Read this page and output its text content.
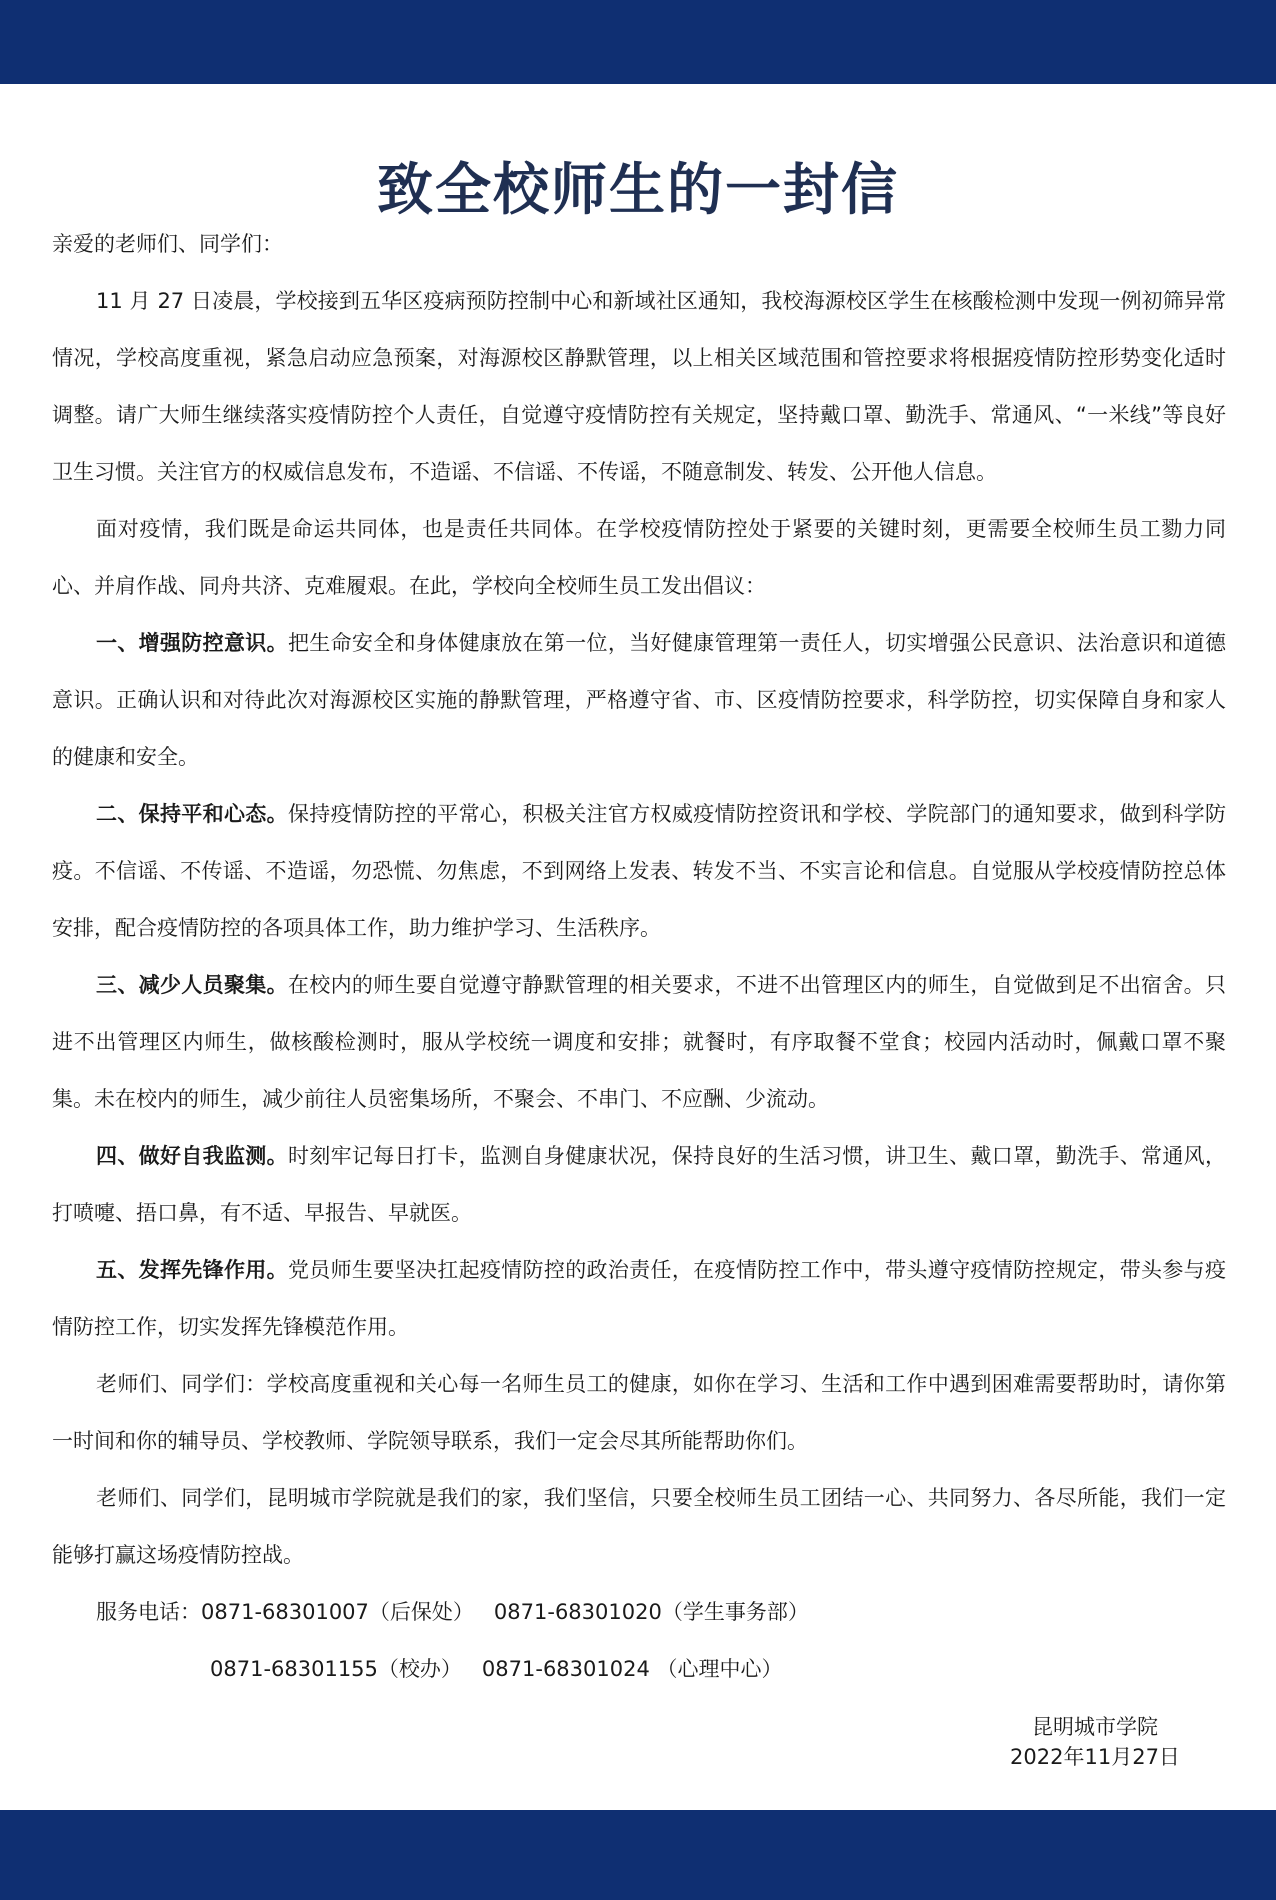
致全校师生的一封信

亲爱的老师们、同学们：

11 月 27 日凌晨，学校接到五华区疫病预防控制中心和新域社区通知，我校海源校区学生在核酸检测中发现一例初筛异常情况，学校高度重视，紧急启动应急预案，对海源校区静默管理，以上相关区域范围和管控要求将根据疫情防控形势变化适时调整。请广大师生继续落实疫情防控个人责任，自觉遵守疫情防控有关规定，坚持戴口罩、勤洗手、常通风、“一米线”等良好卫生习惯。关注官方的权威信息发布，不造谣、不信谣、不传谣，不随意制发、转发、公开他人信息。

面对疫情，我们既是命运共同体，也是责任共同体。在学校疫情防控处于紧要的关键时刻，更需要全校师生员工勠力同心、并肩作战、同舟共济、克难履艰。在此，学校向全校师生员工发出倡议：

一、增强防控意识。把生命安全和身体健康放在第一位，当好健康管理第一责任人，切实增强公民意识、法治意识和道德意识。正确认识和对待此次对海源校区实施的静默管理，严格遵守省、市、区疫情防控要求，科学防控，切实保障自身和家人的健康和安全。

二、保持平和心态。保持疫情防控的平常心，积极关注官方权威疫情防控资讯和学校、学院部门的通知要求，做到科学防疫。不信谣、不传谣、不造谣，勿恐慌、勿焦虑，不到网络上发表、转发不当、不实言论和信息。自觉服从学校疫情防控总体安排，配合疫情防控的各项具体工作，助力维护学习、生活秩序。

三、减少人员聚集。在校内的师生要自觉遵守静默管理的相关要求，不进不出管理区内的师生，自觉做到足不出宿舍。只进不出管理区内师生，做核酸检测时，服从学校统一调度和安排；就餐时，有序取餐不堂食；校园内活动时，佩戴口罩不聚集。未在校内的师生，减少前往人员密集场所，不聚会、不串门、不应酬、少流动。

四、做好自我监测。时刻牢记每日打卡，监测自身健康状况，保持良好的生活习惯，讲卫生、戴口罩，勤洗手、常通风，打喷嚏、捂口鼻，有不适、早报告、早就医。

五、发挥先锋作用。党员师生要坚决扛起疫情防控的政治责任，在疫情防控工作中，带头遵守疫情防控规定，带头参与疫情防控工作，切实发挥先锋模范作用。

老师们、同学们：学校高度重视和关心每一名师生员工的健康，如你在学习、生活和工作中遇到困难需要帮助时，请你第一时间和你的辅导员、学校教师、学院领导联系，我们一定会尽其所能帮助你们。

老师们、同学们，昆明城市学院就是我们的家，我们坚信，只要全校师生员工团结一心、共同努力、各尽所能，我们一定能够打赢这场疫情防控战。

服务电话：0871-68301007（后保处） 0871-68301020（学生事务部）
0871-68301155（校办） 0871-68301024 （心理中心）
昆明城市学院
2022年11月27日
